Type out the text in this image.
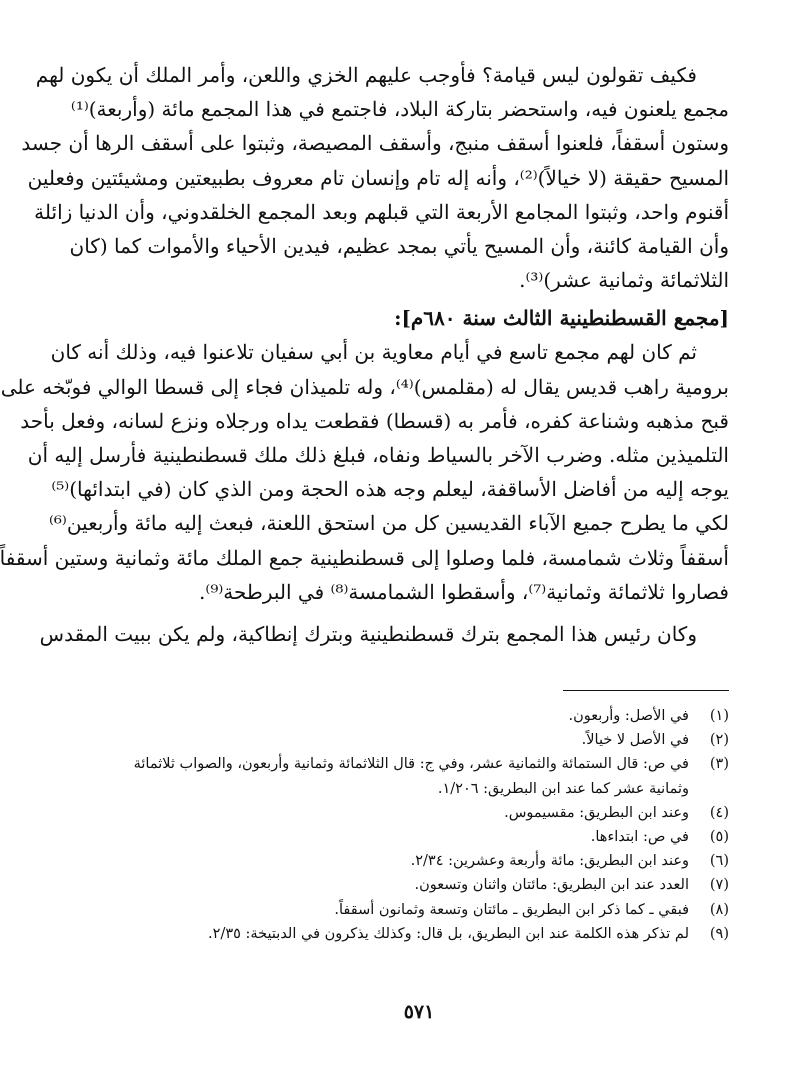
فكيف تقولون ليس قيامة؟ فأوجب عليهم الخزي واللعن، وأمر الملك أن يكون لهم
مجمع يلعنون فيه، واستحضر بتاركة البلاد، فاجتمع في هذا المجمع مائة (وأربعة)⁽¹⁾
وستون أسقفاً، فلعنوا أسقف منبج، وأسقف المصيصة، وثبتوا على أسقف الرها أن جسد
المسيح حقيقة (لا خيالاً)⁽²⁾، وأنه إله تام وإنسان تام معروف بطبيعتين ومشيئتين وفعلين
أقنوم واحد، وثبتوا المجامع الأربعة التي قبلهم وبعد المجمع الخلقدوني، وأن الدنيا زائلة
وأن القيامة كائنة، وأن المسيح يأتي بمجد عظيم، فيدين الأحياء والأموات كما (كان
الثلاثمائة وثمانية عشر)⁽³⁾.

[مجمع القسطنطينية الثالث سنة ٦٨٠م]:

ثم كان لهم مجمع تاسع في أيام معاوية بن أبي سفيان تلاعنوا فيه، وذلك أنه كان
برومية راهب قديس يقال له (مقلمس)⁽⁴⁾، وله تلميذان فجاء إلى قسطا الوالي فوبّخه على
قبح مذهبه وشناعة كفره، فأمر به (قسطا) فقطعت يداه ورجلاه ونزع لسانه، وفعل بأحد
التلميذين مثله. وضرب الآخر بالسياط ونفاه، فبلغ ذلك ملك قسطنطينية فأرسل إليه أن
يوجه إليه من أفاضل الأساقفة، ليعلم وجه هذه الحجة ومن الذي كان (في ابتدائها)⁽⁵⁾
لكي ما يطرح جميع الآباء القديسين كل من استحق اللعنة، فبعث إليه مائة وأربعين⁽⁶⁾
أسقفاً وثلاث شمامسة، فلما وصلوا إلى قسطنطينية جمع الملك مائة وثمانية وستين أسقفاً
فصاروا ثلاثمائة وثمانية⁽⁷⁾، وأسقطوا الشمامسة⁽⁸⁾ في البرطحة⁽⁹⁾.

وكان رئيس هذا المجمع بترك قسطنطينية وبترك إنطاكية، ولم يكن ببيت المقدس

(١)
في الأصل: وأربعون.
(٢)
في الأصل لا خيالاً.
(٣)
في ص: قال الستمائة والثمانية عشر، وفي ج: قال الثلاثمائة وثمانية وأربعون، والصواب ثلاثمائة
وثمانية عشر كما عند ابن البطريق: ١/٢٠٦.
(٤)
وعند ابن البطريق: مقسيموس.
(٥)
في ص: ابتداءها.
(٦)
وعند ابن البطريق: مائة وأربعة وعشرين: ٢/٣٤.
(٧)
العدد عند ابن البطريق: مائتان واثنان وتسعون.
(٨)
فبقي ـ كما ذكر ابن البطريق ـ مائتان وتسعة وثمانون أسقفاً.
(٩)
لم تذكر هذه الكلمة عند ابن البطريق، بل قال: وكذلك يذكرون في الدبتيخة: ٢/٣٥.
٥٧١
